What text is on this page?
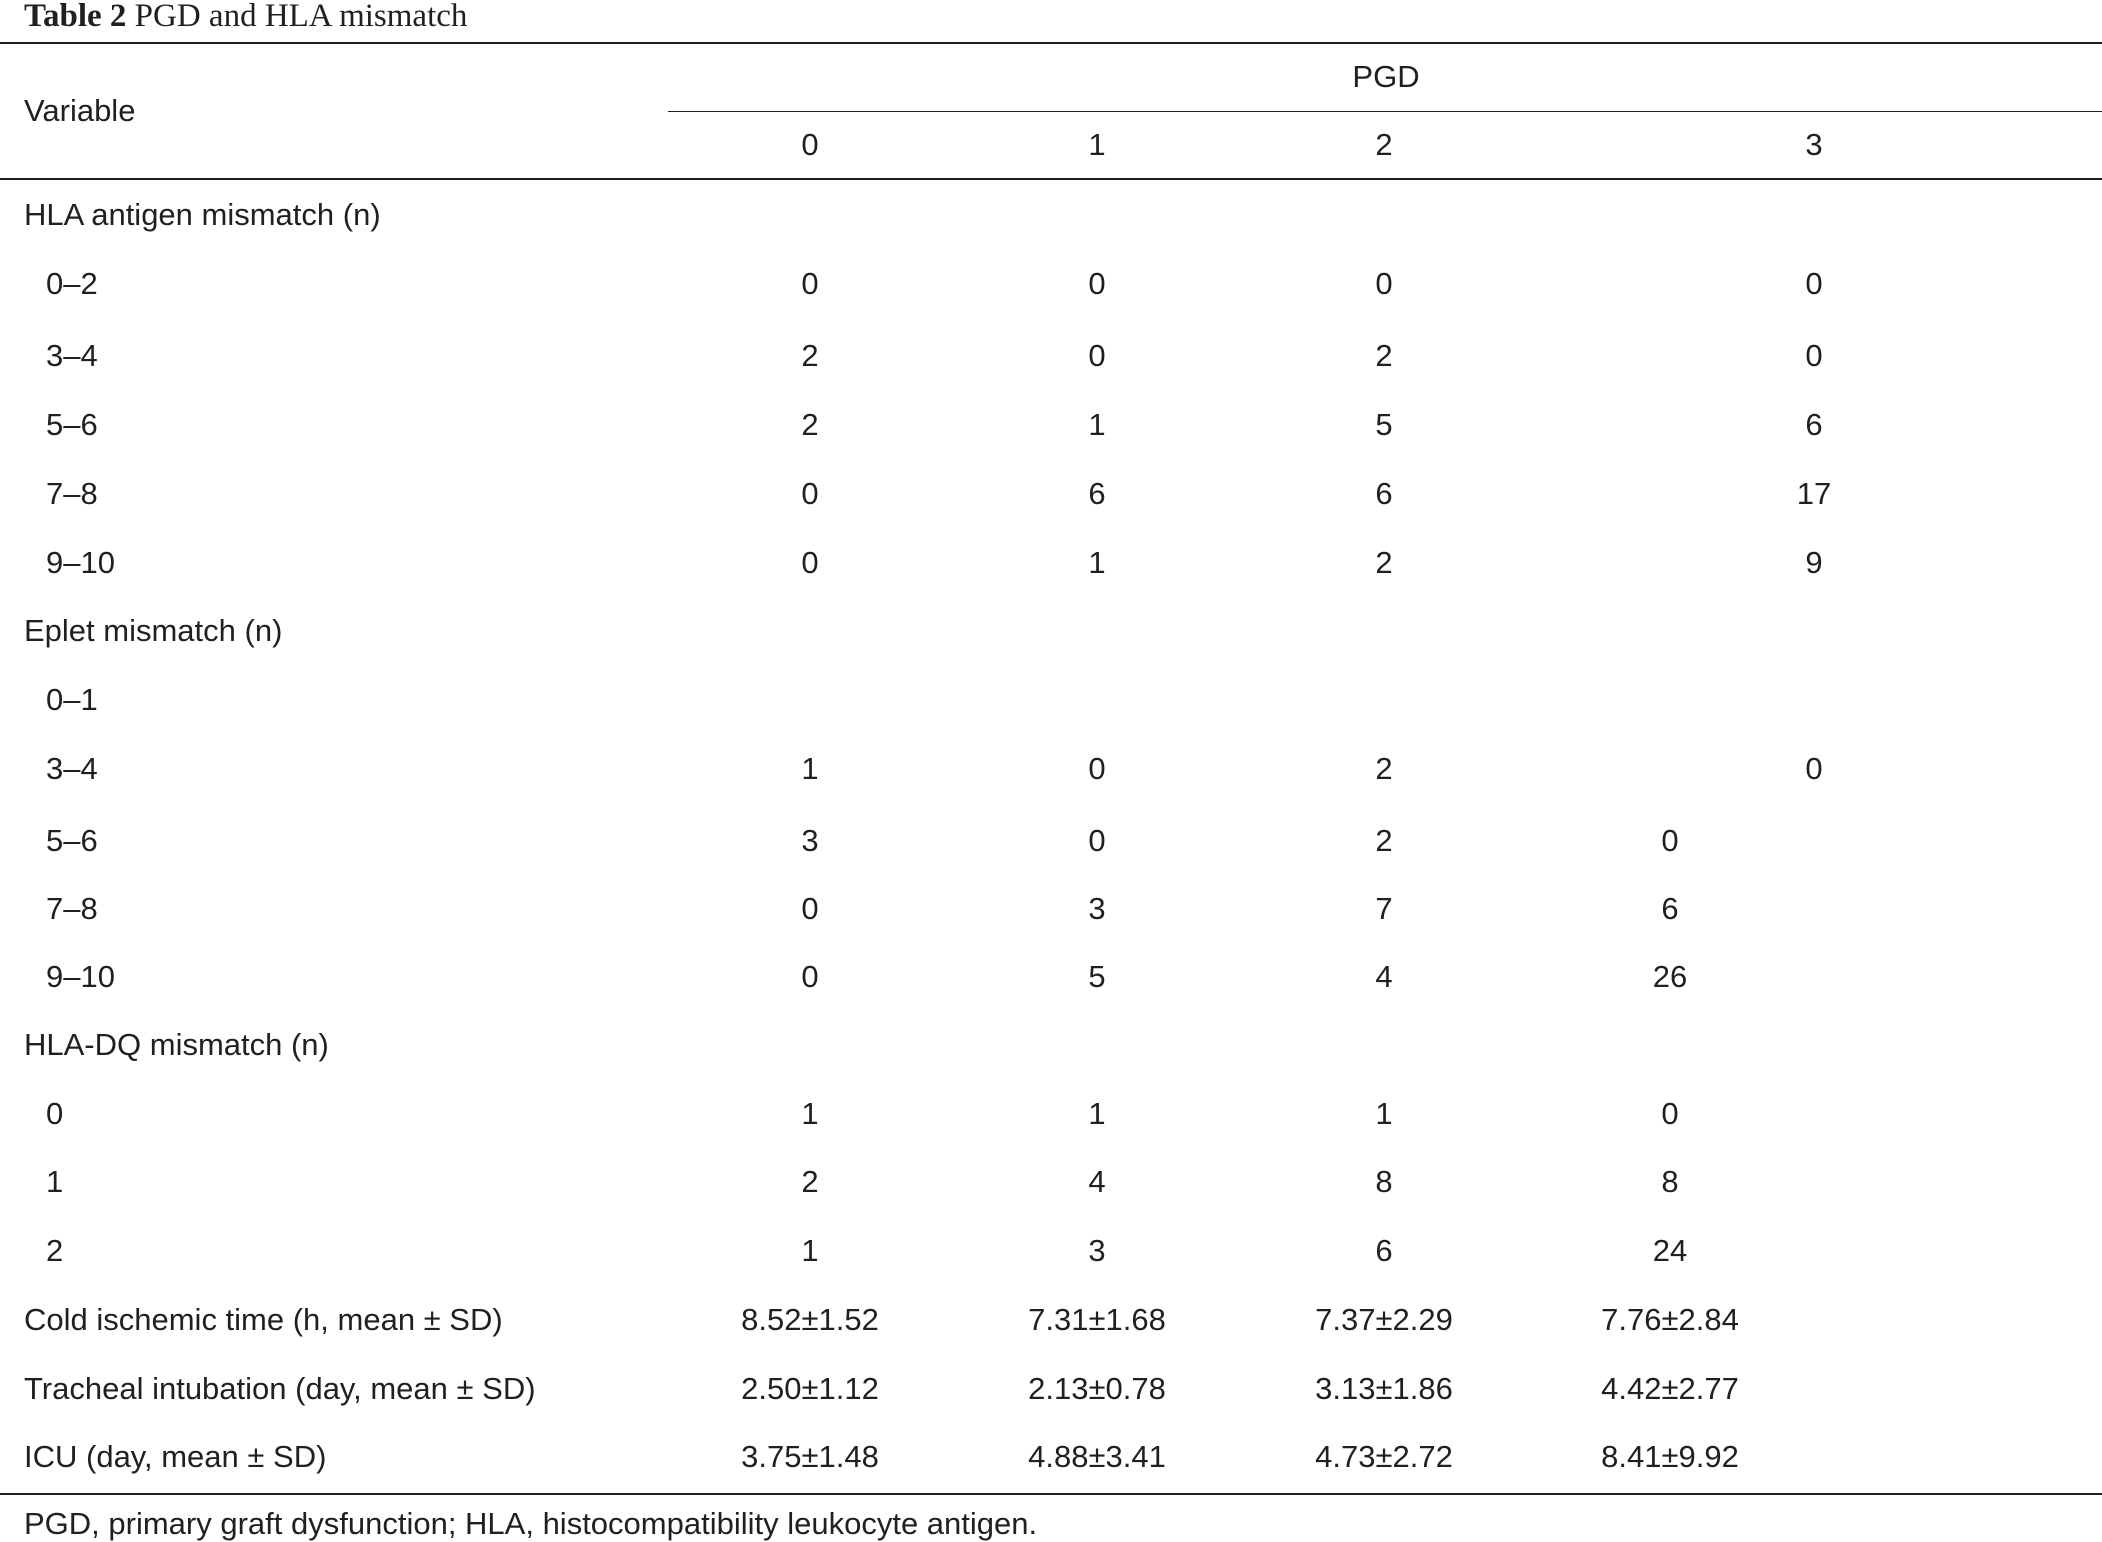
Table 2 PGD and HLA mismatch
Variable
PGD
0	1	2	3
HLA antigen mismatch (n)
0–2	0	0	0	0
3–4	2	0	2	0
5–6	2	1	5	6
7–8	0	6	6	17
9–10	0	1	2	9
Eplet mismatch (n)
0–1
3–4	1	0	2	0
5–6	3	0	2	0
7–8	0	3	7	6
9–10	0	5	4	26
HLA-DQ mismatch (n)
0	1	1	1	0
1	2	4	8	8
2	1	3	6	24
Cold ischemic time (h, mean ± SD)	8.52±1.52	7.31±1.68	7.37±2.29	7.76±2.84
Tracheal intubation (day, mean ± SD)	2.50±1.12	2.13±0.78	3.13±1.86	4.42±2.77
ICU (day, mean ± SD)	3.75±1.48	4.88±3.41	4.73±2.72	8.41±9.92
PGD, primary graft dysfunction; HLA, histocompatibility leukocyte antigen.
